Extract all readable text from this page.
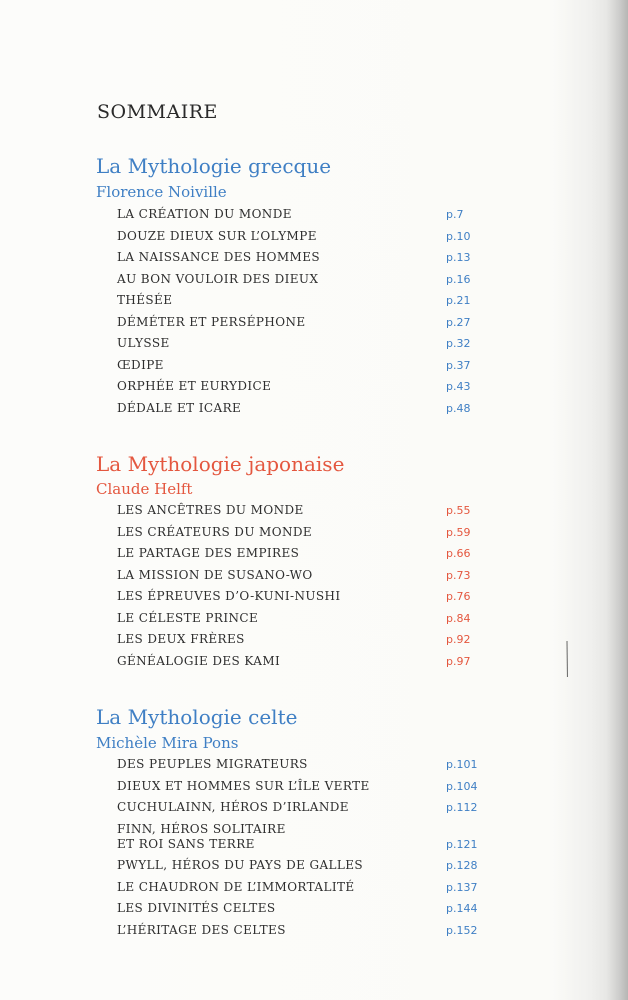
SOMMAIRE
La Mythologie grecque
Florence Noiville
LA CRÉATION DU MONDE	p.7
DOUZE DIEUX SUR L’OLYMPE	p.10
LA NAISSANCE DES HOMMES	p.13
AU BON VOULOIR DES DIEUX	p.16
THÉSÉE	p.21
DÉMÉTER ET PERSÉPHONE	p.27
ULYSSE	p.32
ŒDIPE	p.37
ORPHÉE ET EURYDICE	p.43
DÉDALE ET ICARE	p.48
La Mythologie japonaise
Claude Helft
LES ANCÊTRES DU MONDE	p.55
LES CRÉATEURS DU MONDE	p.59
LE PARTAGE DES EMPIRES	p.66
LA MISSION DE SUSANO-WO	p.73
LES ÉPREUVES D’O-KUNI-NUSHI	p.76
LE CÉLESTE PRINCE	p.84
LES DEUX FRÈRES	p.92
GÉNÉALOGIE DES KAMI	p.97
La Mythologie celte
Michèle Mira Pons
DES PEUPLES MIGRATEURS	p.101
DIEUX ET HOMMES SUR L’ÎLE VERTE	p.104
CUCHULAINN, HÉROS D’IRLANDE	p.112
FINN, HÉROS SOLITAIRE
ET ROI SANS TERRE	p.121
PWYLL, HÉROS DU PAYS DE GALLES	p.128
LE CHAUDRON DE L’IMMORTALITÉ	p.137
LES DIVINITÉS CELTES	p.144
L’HÉRITAGE DES CELTES	p.152
